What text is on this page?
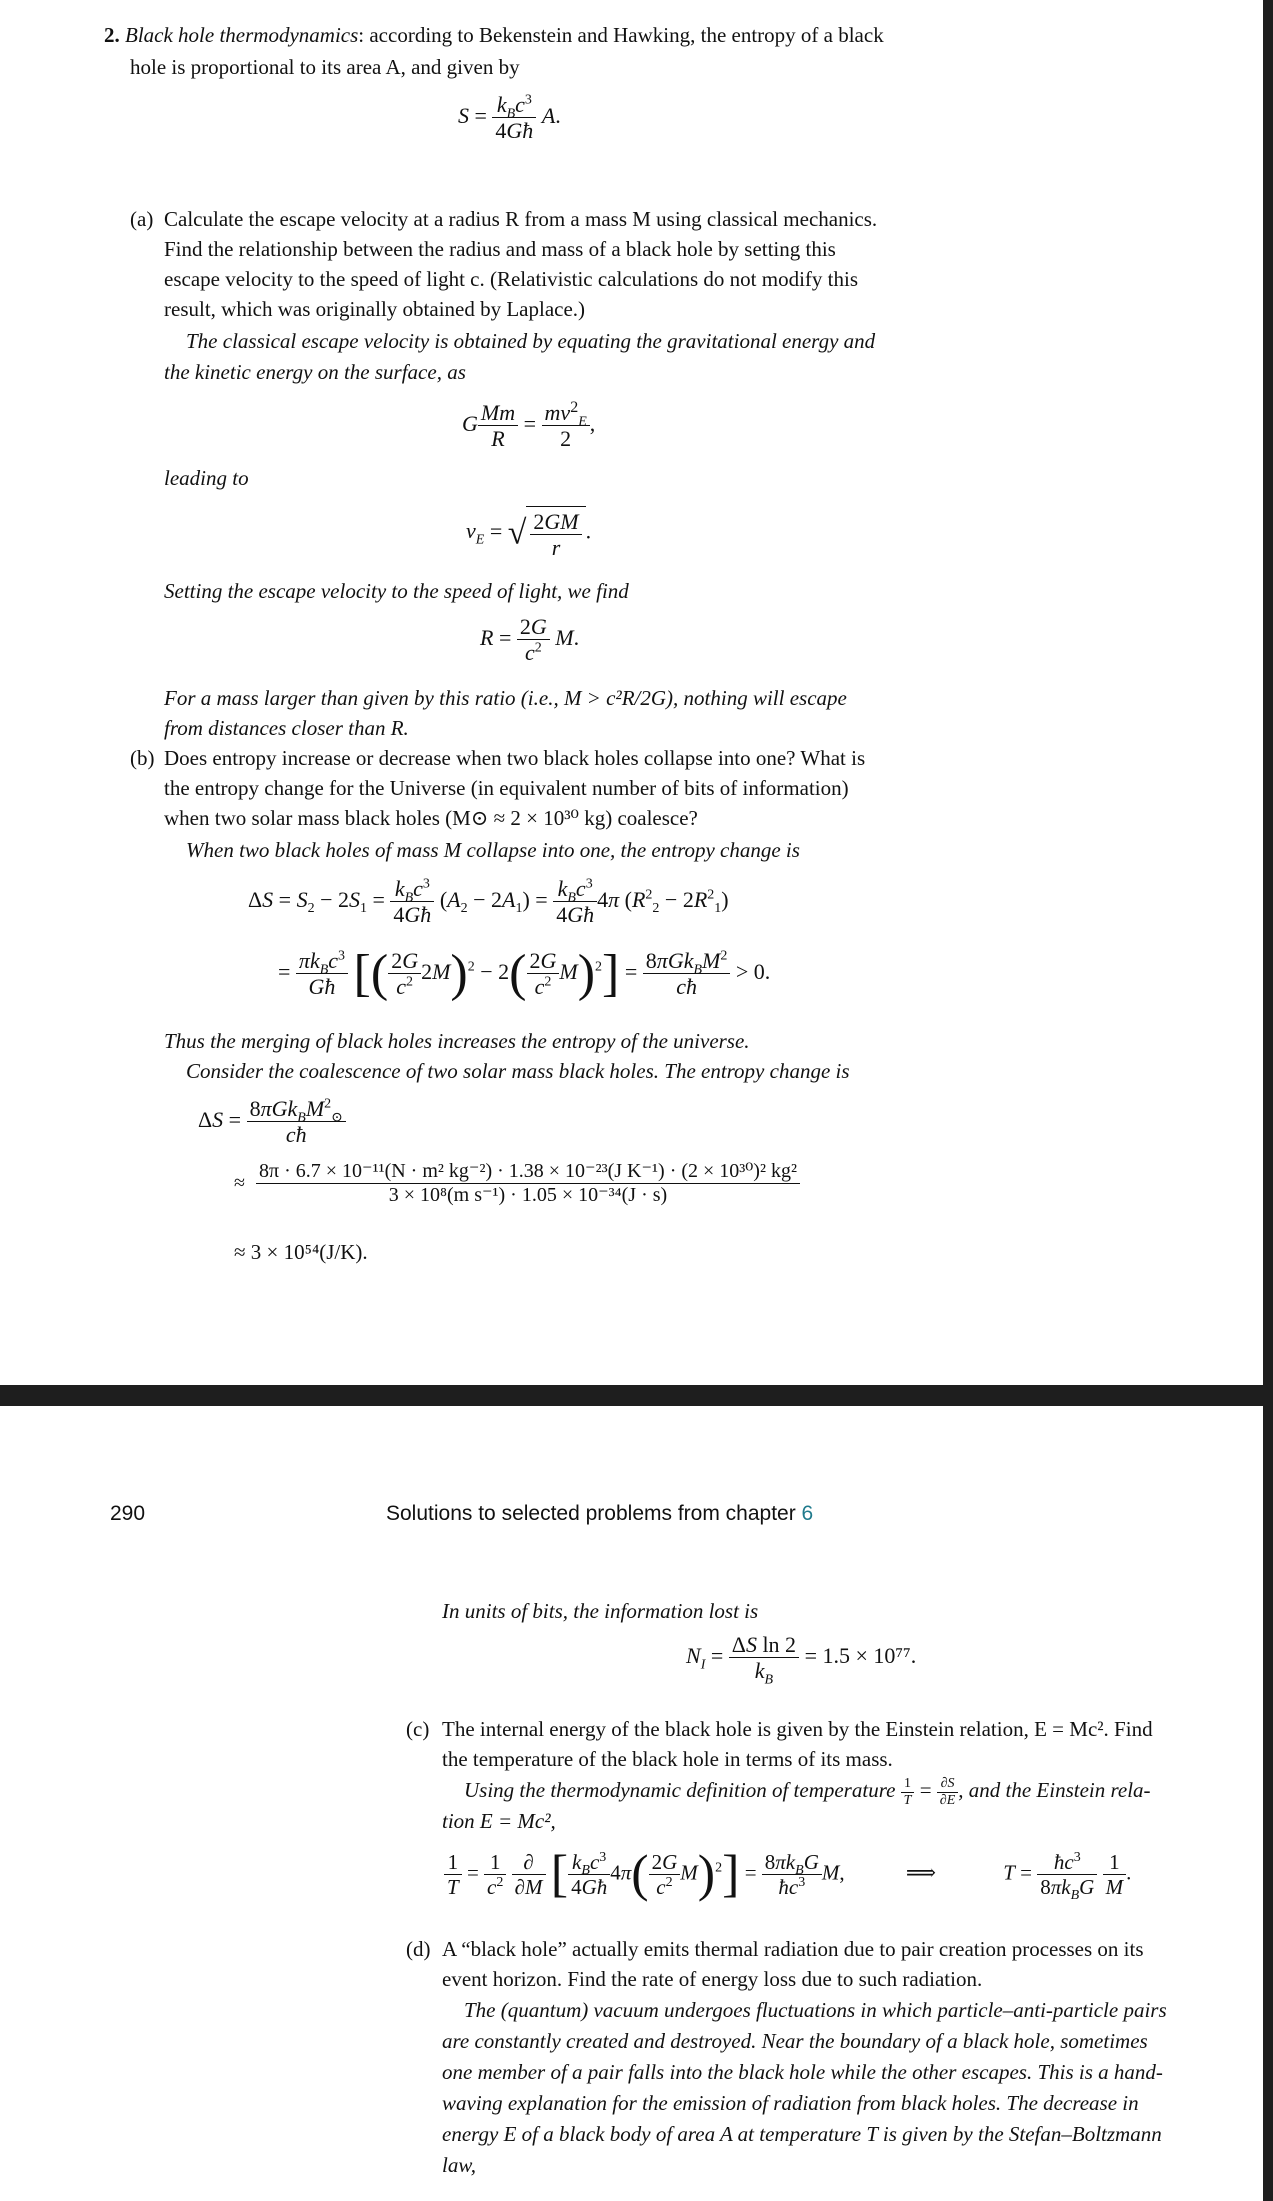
2. Black hole thermodynamics: according to Bekenstein and Hawking, the entropy of a black
hole is proportional to its area A, and given by
$S = \frac{k_Bc^3}{4Għ} A$.
(a) Calculate the escape velocity at a radius R from a mass M using classical mechanics.
Find the relationship between the radius and mass of a black hole by setting this
escape velocity to the speed of light c. (Relativistic calculations do not modify this
result, which was originally obtained by Laplace.)
The classical escape velocity is obtained by equating the gravitational energy and
the kinetic energy on the surface, as
G $\frac{Mm}{R} = \frac{mv^2_E}{2}$ ,
leading to
$v_E$ = √ $\frac{2GM}{r}$ .
Setting the escape velocity to the speed of light, we find
$R = \frac{2G}{c^2} M$.
For a mass larger than given by this ratio (i.e., M > c²R/2G), nothing will escape
from distances closer than R.
(b) Does entropy increase or decrease when two black holes collapse into one? What is
the entropy change for the Universe (in equivalent number of bits of information)
when two solar mass black holes (M⊙ ≈ 2 × 10³⁰ kg) coalesce?
When two black holes of mass M collapse into one, the entropy change is
$\Delta S = S_2 - 2S_1 = \frac{k_Bc^3}{4Għ} (A_2 - 2A_1) = \frac{k_Bc^3}{4Għ} 4\pi$ $(R^2_2 - 2R^2_1)$
= $\frac{\pi k_Bc^3}{Għ}$ [( $\frac{2G}{c^2} 2M)^2 - 2( \frac{2G}{c^2} M)^2] = \frac{8\pi Gk_BM^2}{cħ} > 0$.
Thus the merging of black holes increases the entropy of the universe.
Consider the coalescence of two solar mass black holes. The entropy change is
$\Delta S = \frac{8\pi Gk_BM^2_⊙}{cħ}$
≈
8π · 6.7 × 10⁻¹¹(N · m² kg⁻²) · 1.38 × 10⁻²³(J K⁻¹) · (2 × 10³⁰)² kg²
3 × 10⁸(m s⁻¹) · 1.05 × 10⁻³⁴(J · s)
≈ 3 × 10⁵⁴(J/K).
290	Solutions to selected problems from chapter 6
In units of bits, the information lost is
$N_I = \frac{\text{ΔS ln 2}}{k_B} = 1.5 \times 10^{77}$.
(c) The internal energy of the black hole is given by the Einstein relation, E = Mc². Find
the temperature of the black hole in terms of its mass.
Using the thermodynamic definition of temperature $\frac{1}{T} = \frac{\partial S}{\partial E}$ , and the Einstein rela-
tion E = Mc²,
$\frac{1}{T} = \frac{1}{c^2}$
$\frac{\partial}{\partial M}$ [ $\frac{k_Bc^3}{4Għ} 4\pi( \frac{2G}{c^2} M)^2] = \frac{8\pi k_BG}{ħc^3} M$,	⟹	$T = \frac{ħc^3}{8\pi k_BG}$
$\frac{1}{M}$ .
(d) A “black hole” actually emits thermal radiation due to pair creation processes on its
event horizon. Find the rate of energy loss due to such radiation.
The (quantum) vacuum undergoes fluctuations in which particle–anti-particle pairs
are constantly created and destroyed. Near the boundary of a black hole, sometimes
one member of a pair falls into the black hole while the other escapes. This is a hand-
waving explanation for the emission of radiation from black holes. The decrease in
energy E of a black body of area A at temperature T is given by the Stefan–Boltzmann
law,
